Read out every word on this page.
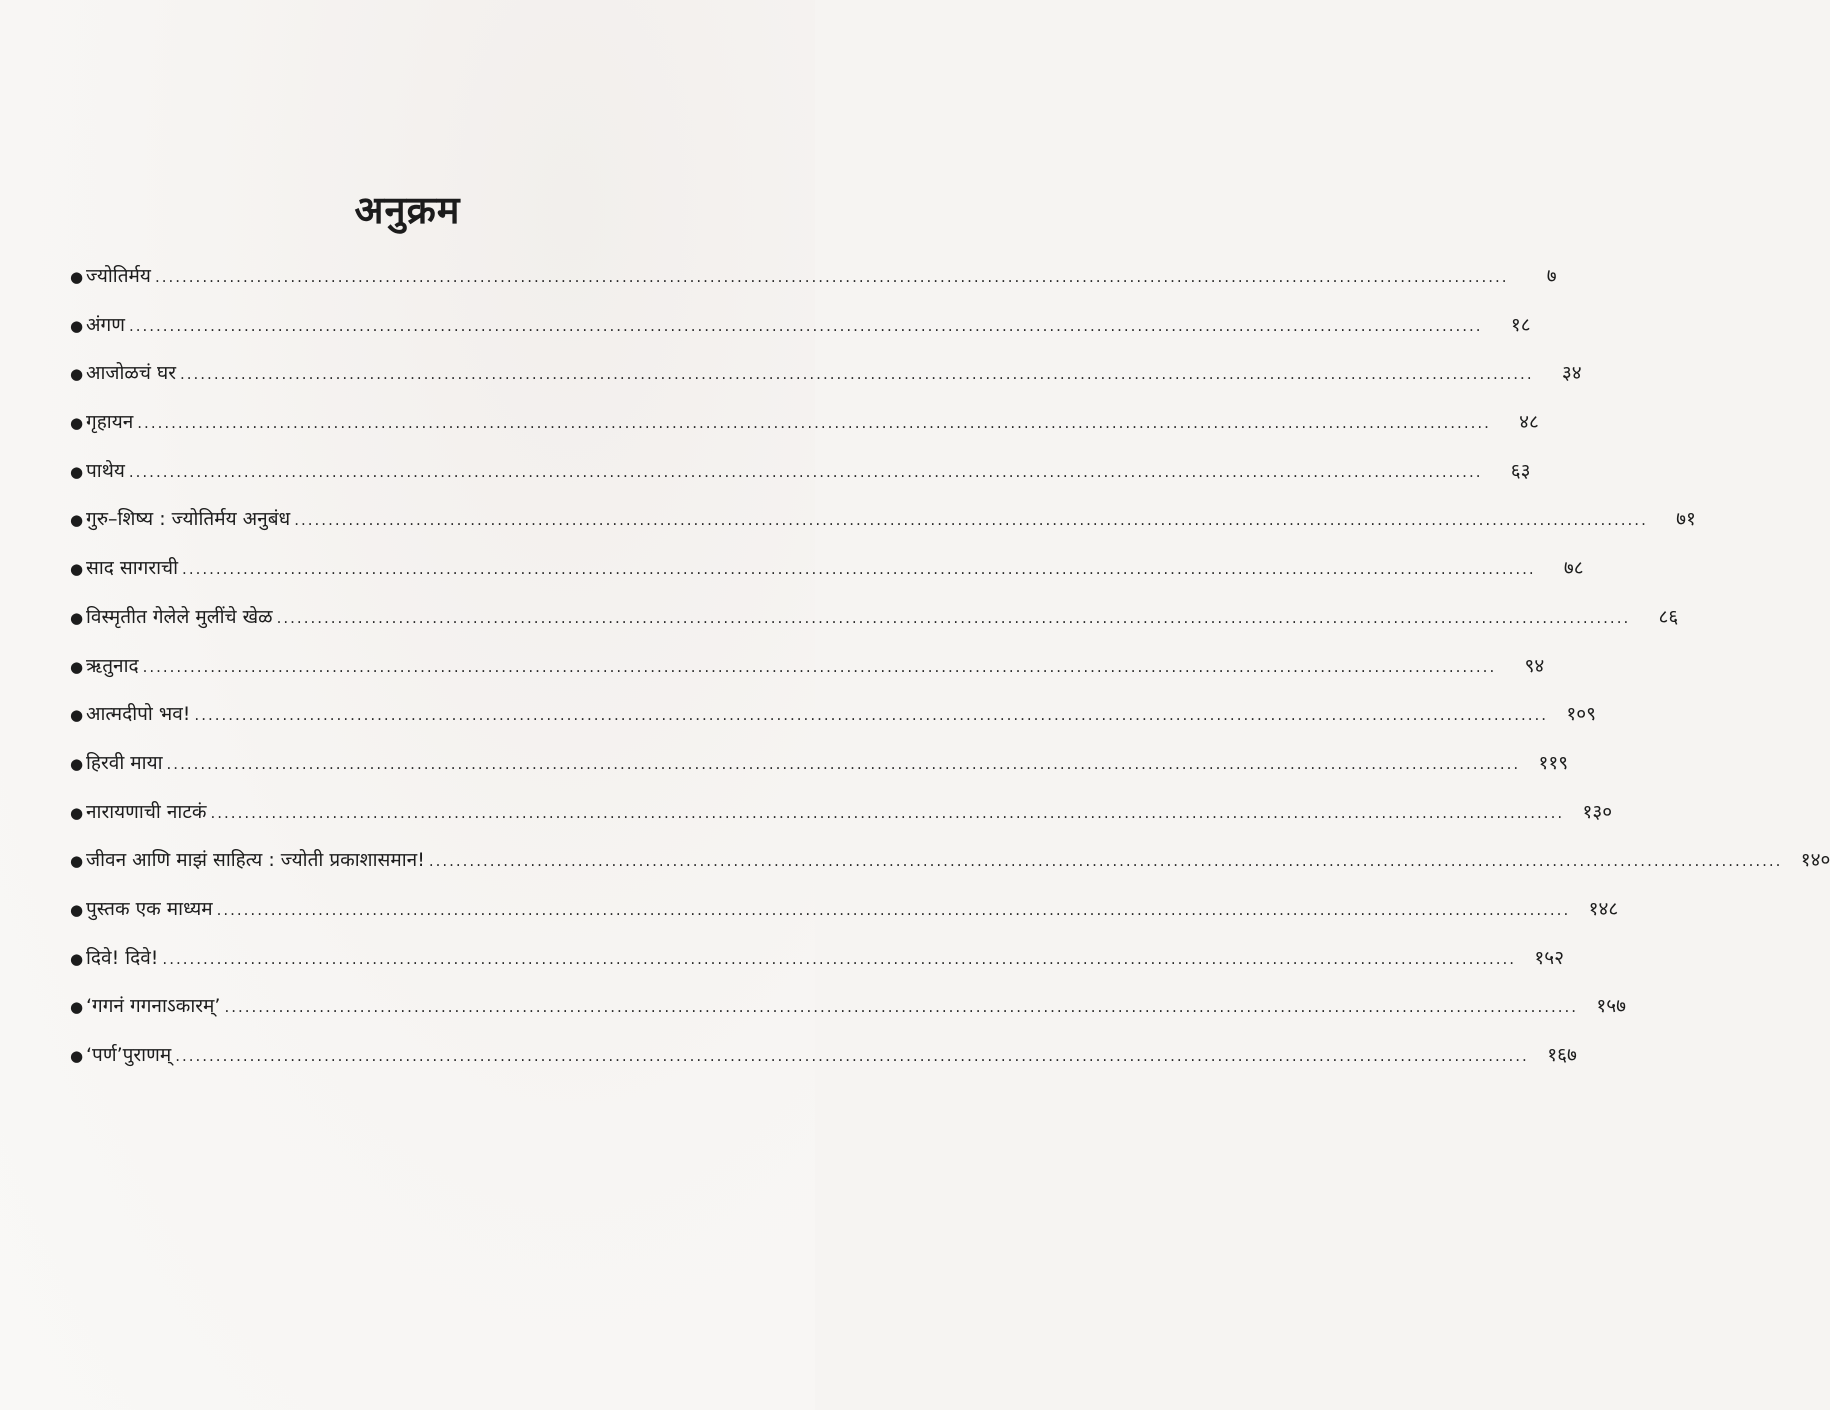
अनुक्रम
● ज्योतिर्मय ........................................................................................................................................................................................................	७
● अंगण ........................................................................................................................................................................................................	१८
● आजोळचं घर ........................................................................................................................................................................................................	३४
● गृहायन ........................................................................................................................................................................................................	४८
● पाथेय ........................................................................................................................................................................................................	६३
● गुरु–शिष्य : ज्योतिर्मय अनुबंध ........................................................................................................................................................................................................	७१
● साद सागराची ........................................................................................................................................................................................................	७८
● विस्मृतीत गेलेले मुलींचे खेळ ........................................................................................................................................................................................................	८६
● ऋतुनाद ........................................................................................................................................................................................................	९४
● आत्मदीपो भव! ........................................................................................................................................................................................................ १०९
● हिरवी माया ........................................................................................................................................................................................................ ११९
● नारायणाची नाटकं ........................................................................................................................................................................................................ १३०
● जीवन आणि माझं साहित्य : ज्योती प्रकाशासमान! ........................................................................................................................................................................................................ १४०
● पुस्तक एक माध्यम ........................................................................................................................................................................................................ १४८
● दिवे! दिवे! ........................................................................................................................................................................................................ १५२
● ‘गगनं गगनाऽकारम्’ ........................................................................................................................................................................................................ १५७
● ‘पर्ण’पुराणम् ........................................................................................................................................................................................................ १६७
